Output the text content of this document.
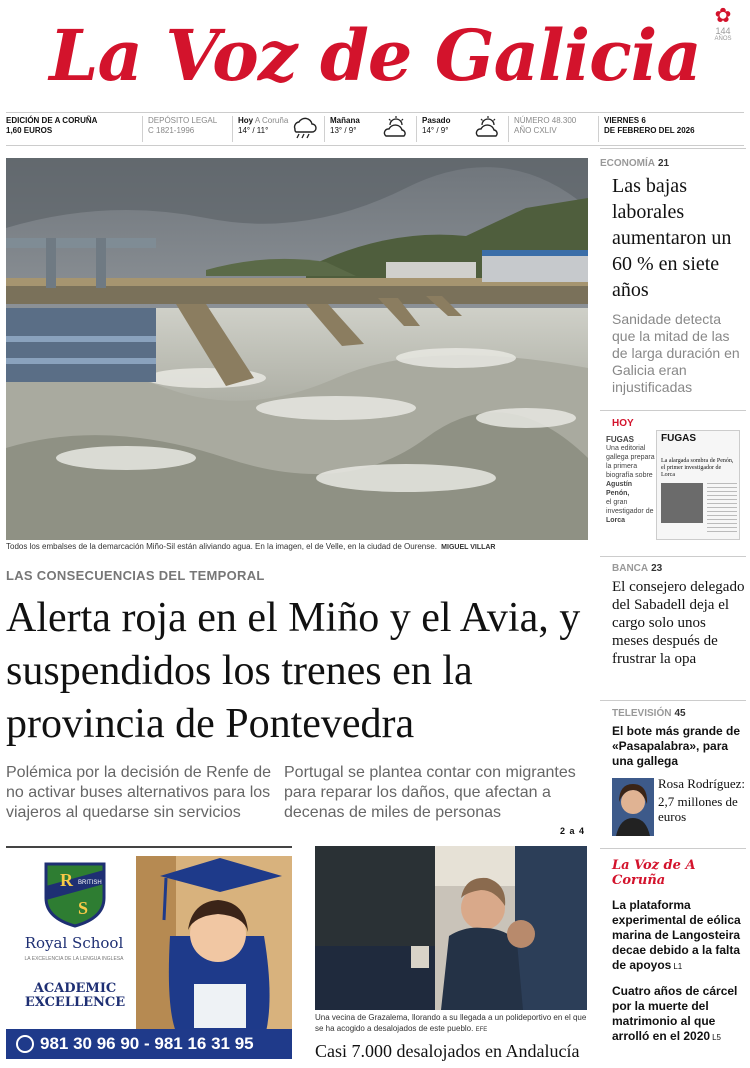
La Voz de Galicia ✿
144
AÑOS
EDICIÓN DE A CORUÑA
1,60 EUROS
DEPÓSITO LEGAL
C 1821-1996
Hoy A Coruña
14° / 11°
Mañana
13° / 9°
Pasado
14° / 9°
NÚMERO 48.300
AÑO CXLIV
VIERNES 6
DE FEBRERO DEL 2026
Todos los embalses de la demarcación Miño-Sil están aliviando agua. En la imagen, el de Velle, en la ciudad de Ourense. MIGUEL VILLAR
LAS CONSECUENCIAS DEL TEMPORAL
Alerta roja en el Miño y el Avia, y suspendidos los trenes en la provincia de Pontevedra
Polémica por la decisión de Renfe de no activar buses alternativos para los viajeros al quedarse sin servicios
Portugal se plantea contar con migrantes para reparar los daños, que afectan a decenas de miles de personas
2 a 4
R
S
BRITISH
Royal School
LA EXCELENCIA DE LA LENGUA INGLESA
ACADEMIC
EXCELLENCE
981 30 96 90 - 981 16 31 95
Una vecina de Grazalema, llorando a su llegada a un polideportivo en el que se ha acogido a desalojados de este pueblo. EFE
Casi 7.000 desalojados en Andalucía
ECONOMÍA 21
Las bajas laborales aumentaron un 60 % en siete años
Sanidade detecta que la mitad de las de larga duración en Galicia eran injustificadas
HOY
FUGAS
Una editorial gallega prepara la primera biografía sobre
Agustín Penón,
el gran investigador de
Lorca
FUGAS
La alargada sombra de Penón, el primer investigador de Lorca
BANCA 23
El consejero delegado del Sabadell deja el cargo solo unos meses después de frustrar la opa
TELEVISIÓN 45
El bote más grande de «Pasapalabra», para una gallega
Rosa Rodríguez:
2,7 millones de euros
La Voz de A Coruña
La plataforma experimental de eólica marina de Langosteira decae debido a la falta de apoyos L1
Cuatro años de cárcel por la muerte del matrimonio al que arrolló en el 2020 L5
